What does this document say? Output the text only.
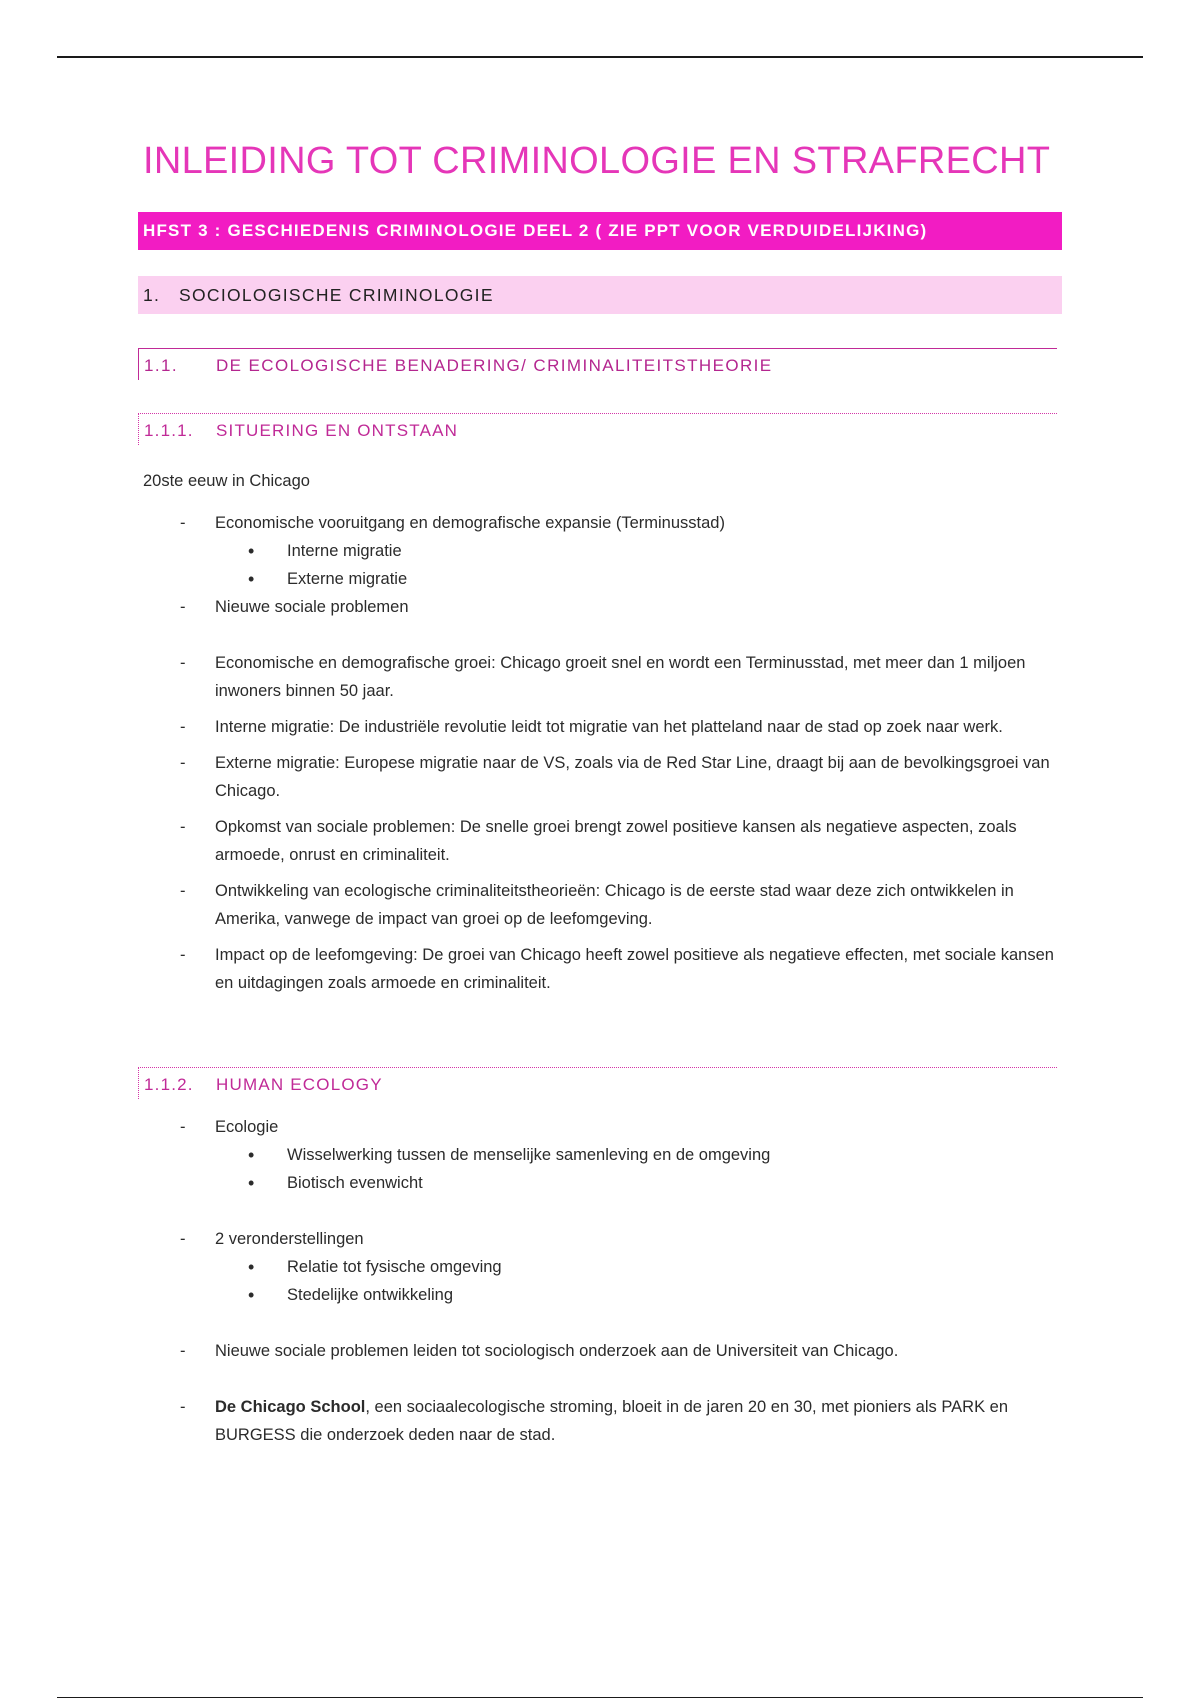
INLEIDING TOT CRIMINOLOGIE EN STRAFRECHT
HFST 3 : GESCHIEDENIS CRIMINOLOGIE DEEL 2 ( ZIE PPT VOOR VERDUIDELIJKING)
1. SOCIOLOGISCHE CRIMINOLOGIE
1.1. DE ECOLOGISCHE BENADERING/ CRIMINALITEITSTHEORIE
1.1.1. SITUERING EN ONTSTAAN
20ste eeuw in Chicago
- Economische vooruitgang en demografische expansie (Terminusstad)
• Interne migratie
• Externe migratie
- Nieuwe sociale problemen
- Economische en demografische groei: Chicago groeit snel en wordt een Terminusstad, met meer dan 1 miljoen inwoners binnen 50 jaar.
- Interne migratie: De industriële revolutie leidt tot migratie van het platteland naar de stad op zoek naar werk.
- Externe migratie: Europese migratie naar de VS, zoals via de Red Star Line, draagt bij aan de bevolkingsgroei van Chicago.
- Opkomst van sociale problemen: De snelle groei brengt zowel positieve kansen als negatieve aspecten, zoals armoede, onrust en criminaliteit.
- Ontwikkeling van ecologische criminaliteitstheorieën: Chicago is de eerste stad waar deze zich ontwikkelen in Amerika, vanwege de impact van groei op de leefomgeving.
- Impact op de leefomgeving: De groei van Chicago heeft zowel positieve als negatieve effecten, met sociale kansen en uitdagingen zoals armoede en criminaliteit.
1.1.2. HUMAN ECOLOGY
- Ecologie
• Wisselwerking tussen de menselijke samenleving en de omgeving
• Biotisch evenwicht
- 2 veronderstellingen
• Relatie tot fysische omgeving
• Stedelijke ontwikkeling
- Nieuwe sociale problemen leiden tot sociologisch onderzoek aan de Universiteit van Chicago.
- De Chicago School, een sociaalecologische stroming, bloeit in de jaren 20 en 30, met pioniers als PARK en BURGESS die onderzoek deden naar de stad.
